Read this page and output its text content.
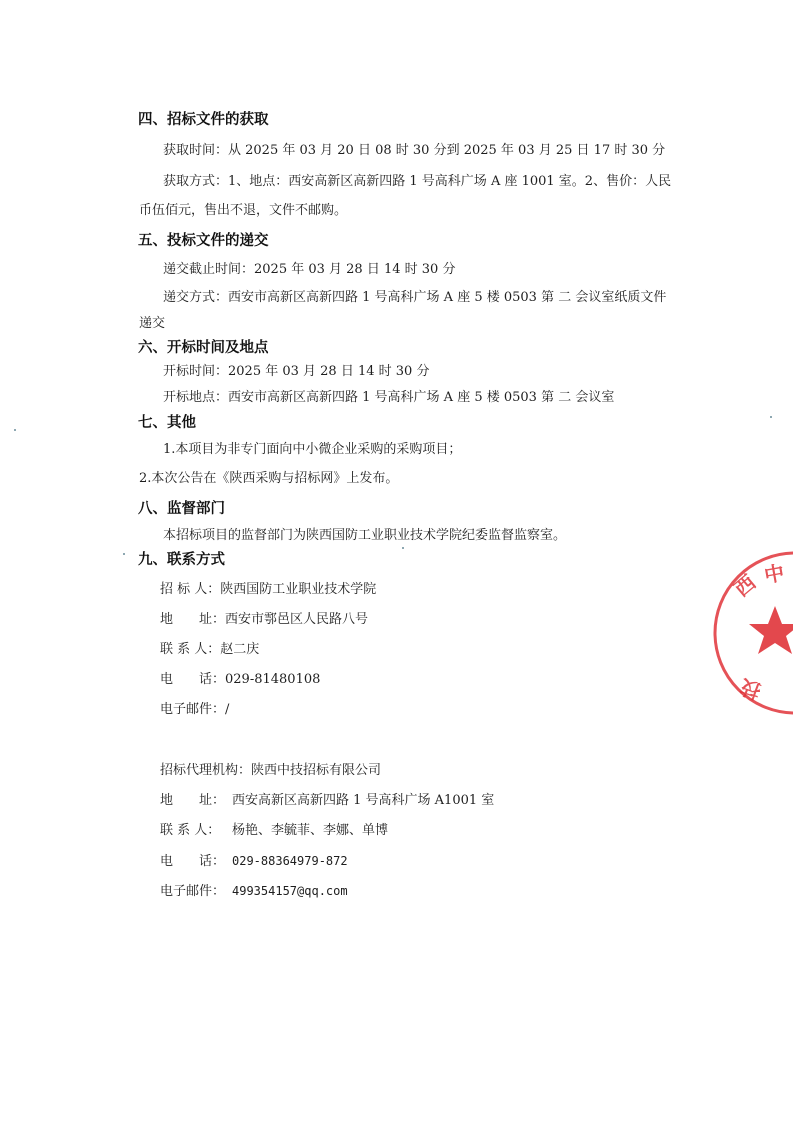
四、招标文件的获取
获取时间：从 2025 年 03 月 20 日 08 时 30 分到 2025 年 03 月 25 日 17 时 30 分
获取方式：1、地点：西安高新区高新四路 1 号高科广场 A 座 1001 室。2、售价：人民
币伍佰元，售出不退，文件不邮购。
五、投标文件的递交
递交截止时间：2025 年 03 月 28 日 14 时 30 分
递交方式：西安市高新区高新四路 1 号高科广场 A 座 5 楼 0503 第 二 会议室纸质文件
递交
六、开标时间及地点
开标时间：2025 年 03 月 28 日 14 时 30 分
开标地点：西安市高新区高新四路 1 号高科广场 A 座 5 楼 0503 第 二 会议室
七、其他
1.本项目为非专门面向中小微企业采购的采购项目；
2.本次公告在《陕西采购与招标网》上发布。
八、监督部门
本招标项目的监督部门为陕西国防工业职业技术学院纪委监督监察室。
九、联系方式
招 标 人：陕西国防工业职业技术学院
地　　址：西安市鄠邑区人民路八号
联 系 人：赵二庆
电　　话：029-81480108
电子邮件：/
招标代理机构：陕西中技招标有限公司
地　　址： 西安高新区高新四路 1 号高科广场 A1001 室
联 系 人： 杨艳、李毓菲、李娜、单博
电　　话： 029-88364979-872
电子邮件： 499354157@qq.com
西 中
技
